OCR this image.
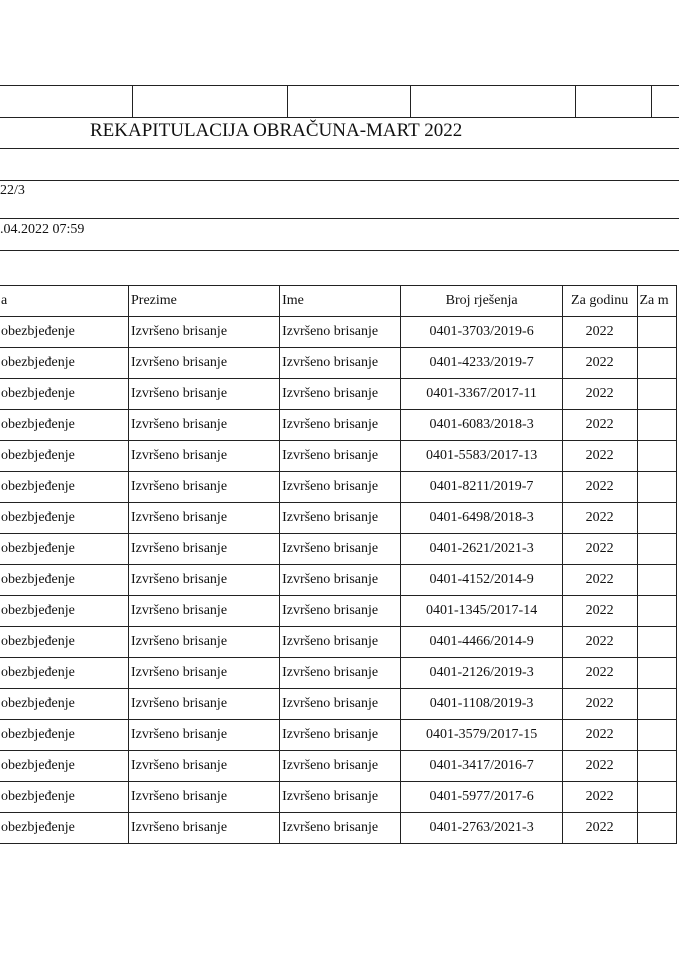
REKAPITULACIJA OBRAČUNA-MART 2022
22/3
.04.2022 07:59
a	Prezime	Ime	Broj rješenja	Za godinu	Za m
obezbjeđenje	Izvršeno brisanje	Izvršeno brisanje	0401-3703/2019-6	2022	
obezbjeđenje	Izvršeno brisanje	Izvršeno brisanje	0401-4233/2019-7	2022	
obezbjeđenje	Izvršeno brisanje	Izvršeno brisanje	0401-3367/2017-11	2022	
obezbjeđenje	Izvršeno brisanje	Izvršeno brisanje	0401-6083/2018-3	2022	
obezbjeđenje	Izvršeno brisanje	Izvršeno brisanje	0401-5583/2017-13	2022	
obezbjeđenje	Izvršeno brisanje	Izvršeno brisanje	0401-8211/2019-7	2022	
obezbjeđenje	Izvršeno brisanje	Izvršeno brisanje	0401-6498/2018-3	2022	
obezbjeđenje	Izvršeno brisanje	Izvršeno brisanje	0401-2621/2021-3	2022	
obezbjeđenje	Izvršeno brisanje	Izvršeno brisanje	0401-4152/2014-9	2022	
obezbjeđenje	Izvršeno brisanje	Izvršeno brisanje	0401-1345/2017-14	2022	
obezbjeđenje	Izvršeno brisanje	Izvršeno brisanje	0401-4466/2014-9	2022	
obezbjeđenje	Izvršeno brisanje	Izvršeno brisanje	0401-2126/2019-3	2022	
obezbjeđenje	Izvršeno brisanje	Izvršeno brisanje	0401-1108/2019-3	2022	
obezbjeđenje	Izvršeno brisanje	Izvršeno brisanje	0401-3579/2017-15	2022	
obezbjeđenje	Izvršeno brisanje	Izvršeno brisanje	0401-3417/2016-7	2022	
obezbjeđenje	Izvršeno brisanje	Izvršeno brisanje	0401-5977/2017-6	2022	
obezbjeđenje	Izvršeno brisanje	Izvršeno brisanje	0401-2763/2021-3	2022	
